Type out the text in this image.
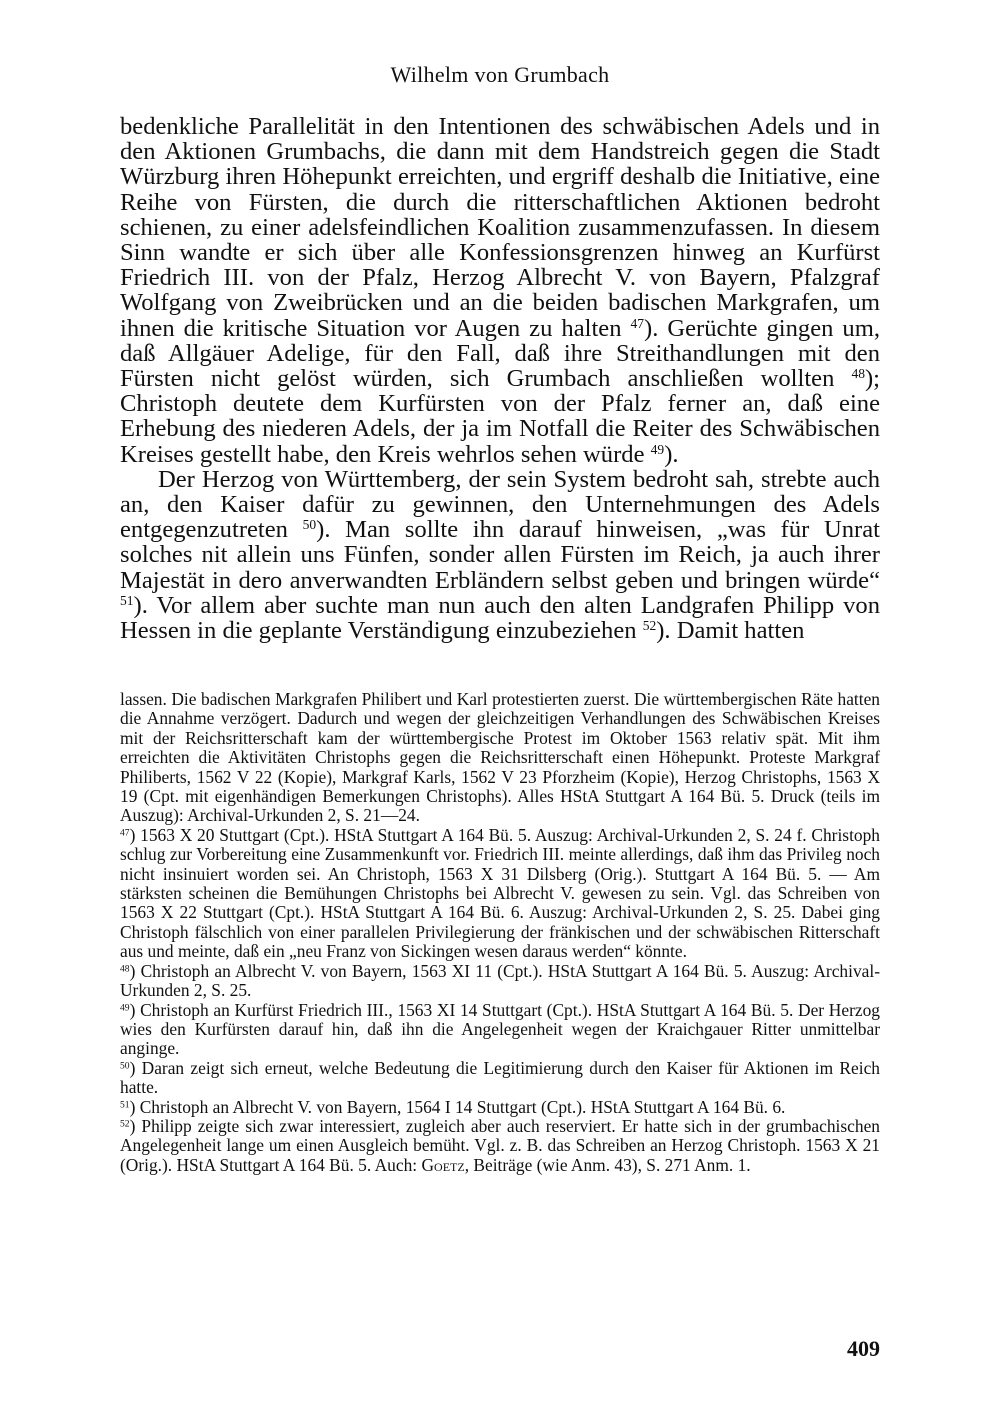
Wilhelm von Grumbach

bedenkliche Parallelität in den Intentionen des schwäbischen Adels und in den Aktionen Grumbachs, die dann mit dem Handstreich gegen die Stadt Würzburg ihren Höhepunkt erreichten, und ergriff deshalb die Initiative, eine Reihe von Fürsten, die durch die ritterschaftlichen Aktionen bedroht schienen, zu einer adelsfeindlichen Koalition zusammenzufassen. In diesem Sinn wandte er sich über alle Konfessionsgrenzen hinweg an Kurfürst Friedrich III. von der Pfalz, Herzog Albrecht V. von Bayern, Pfalzgraf Wolfgang von Zweibrücken und an die beiden badischen Markgrafen, um ihnen die kritische Situation vor Augen zu halten $^{47}$). Gerüchte gingen um, daß Allgäuer Adelige, für den Fall, daß ihre Streithandlungen mit den Fürsten nicht gelöst würden, sich Grumbach anschließen wollten $^{48}$); Christoph deutete dem Kurfürsten von der Pfalz ferner an, daß eine Erhebung des niederen Adels, der ja im Notfall die Reiter des Schwäbischen Kreises gestellt habe, den Kreis wehrlos sehen würde $^{49}$).

Der Herzog von Württemberg, der sein System bedroht sah, strebte auch an, den Kaiser dafür zu gewinnen, den Unternehmungen des Adels entgegenzutreten $^{50}$). Man sollte ihn darauf hinweisen, „was für Unrat solches nit allein uns Fünfen, sonder allen Fürsten im Reich, ja auch ihrer Majestät in dero anverwandten Erbländern selbst geben und bringen würde“ $^{51}$). Vor allem aber suchte man nun auch den alten Landgrafen Philipp von Hessen in die geplante Verständigung einzubeziehen $^{52}$). Damit hatten

lassen. Die badischen Markgrafen Philibert und Karl protestierten zuerst. Die württembergischen Räte hatten die Annahme verzögert. Dadurch und wegen der gleichzeitigen Verhandlungen des Schwäbischen Kreises mit der Reichsritterschaft kam der württembergische Protest im Oktober 1563 relativ spät. Mit ihm erreichten die Aktivitäten Christophs gegen die Reichsritterschaft einen Höhepunkt. Proteste Markgraf Philiberts, 1562 V 22 (Kopie), Markgraf Karls, 1562 V 23 Pforzheim (Kopie), Herzog Christophs, 1563 X 19 (Cpt. mit eigenhändigen Bemerkungen Christophs). Alles HStA Stuttgart A 164 Bü. 5. Druck (teils im Auszug): Archival-Urkunden 2, S. 21—24.

$^{47}$) 1563 X 20 Stuttgart (Cpt.). HStA Stuttgart A 164 Bü. 5. Auszug: Archival-Urkunden 2, S. 24 f. Christoph schlug zur Vorbereitung eine Zusammenkunft vor. Friedrich III. meinte allerdings, daß ihm das Privileg noch nicht insinuiert worden sei. An Christoph, 1563 X 31 Dilsberg (Orig.). Stuttgart A 164 Bü. 5. — Am stärksten scheinen die Bemühungen Christophs bei Albrecht V. gewesen zu sein. Vgl. das Schreiben von 1563 X 22 Stuttgart (Cpt.). HStA Stuttgart A 164 Bü. 6. Auszug: Archival-Urkunden 2, S. 25. Dabei ging Christoph fälschlich von einer parallelen Privilegierung der fränkischen und der schwäbischen Ritterschaft aus und meinte, daß ein „neu Franz von Sickingen wesen daraus werden“ könnte.

$^{48}$) Christoph an Albrecht V. von Bayern, 1563 XI 11 (Cpt.). HStA Stuttgart A 164 Bü. 5. Auszug: Archival-Urkunden 2, S. 25.

$^{49}$) Christoph an Kurfürst Friedrich III., 1563 XI 14 Stuttgart (Cpt.). HStA Stuttgart A 164 Bü. 5. Der Herzog wies den Kurfürsten darauf hin, daß ihn die Angelegenheit wegen der Kraichgauer Ritter unmittelbar anginge.

$^{50}$) Daran zeigt sich erneut, welche Bedeutung die Legitimierung durch den Kaiser für Aktionen im Reich hatte.

$^{51}$) Christoph an Albrecht V. von Bayern, 1564 I 14 Stuttgart (Cpt.). HStA Stuttgart A 164 Bü. 6.

$^{52}$) Philipp zeigte sich zwar interessiert, zugleich aber auch reserviert. Er hatte sich in der grumbachischen Angelegenheit lange um einen Ausgleich bemüht. Vgl. z. B. das Schreiben an Herzog Christoph. 1563 X 21 (Orig.). HStA Stuttgart A 164 Bü. 5. Auch: Goetz, Beiträge (wie Anm. 43), S. 271 Anm. 1.

409
